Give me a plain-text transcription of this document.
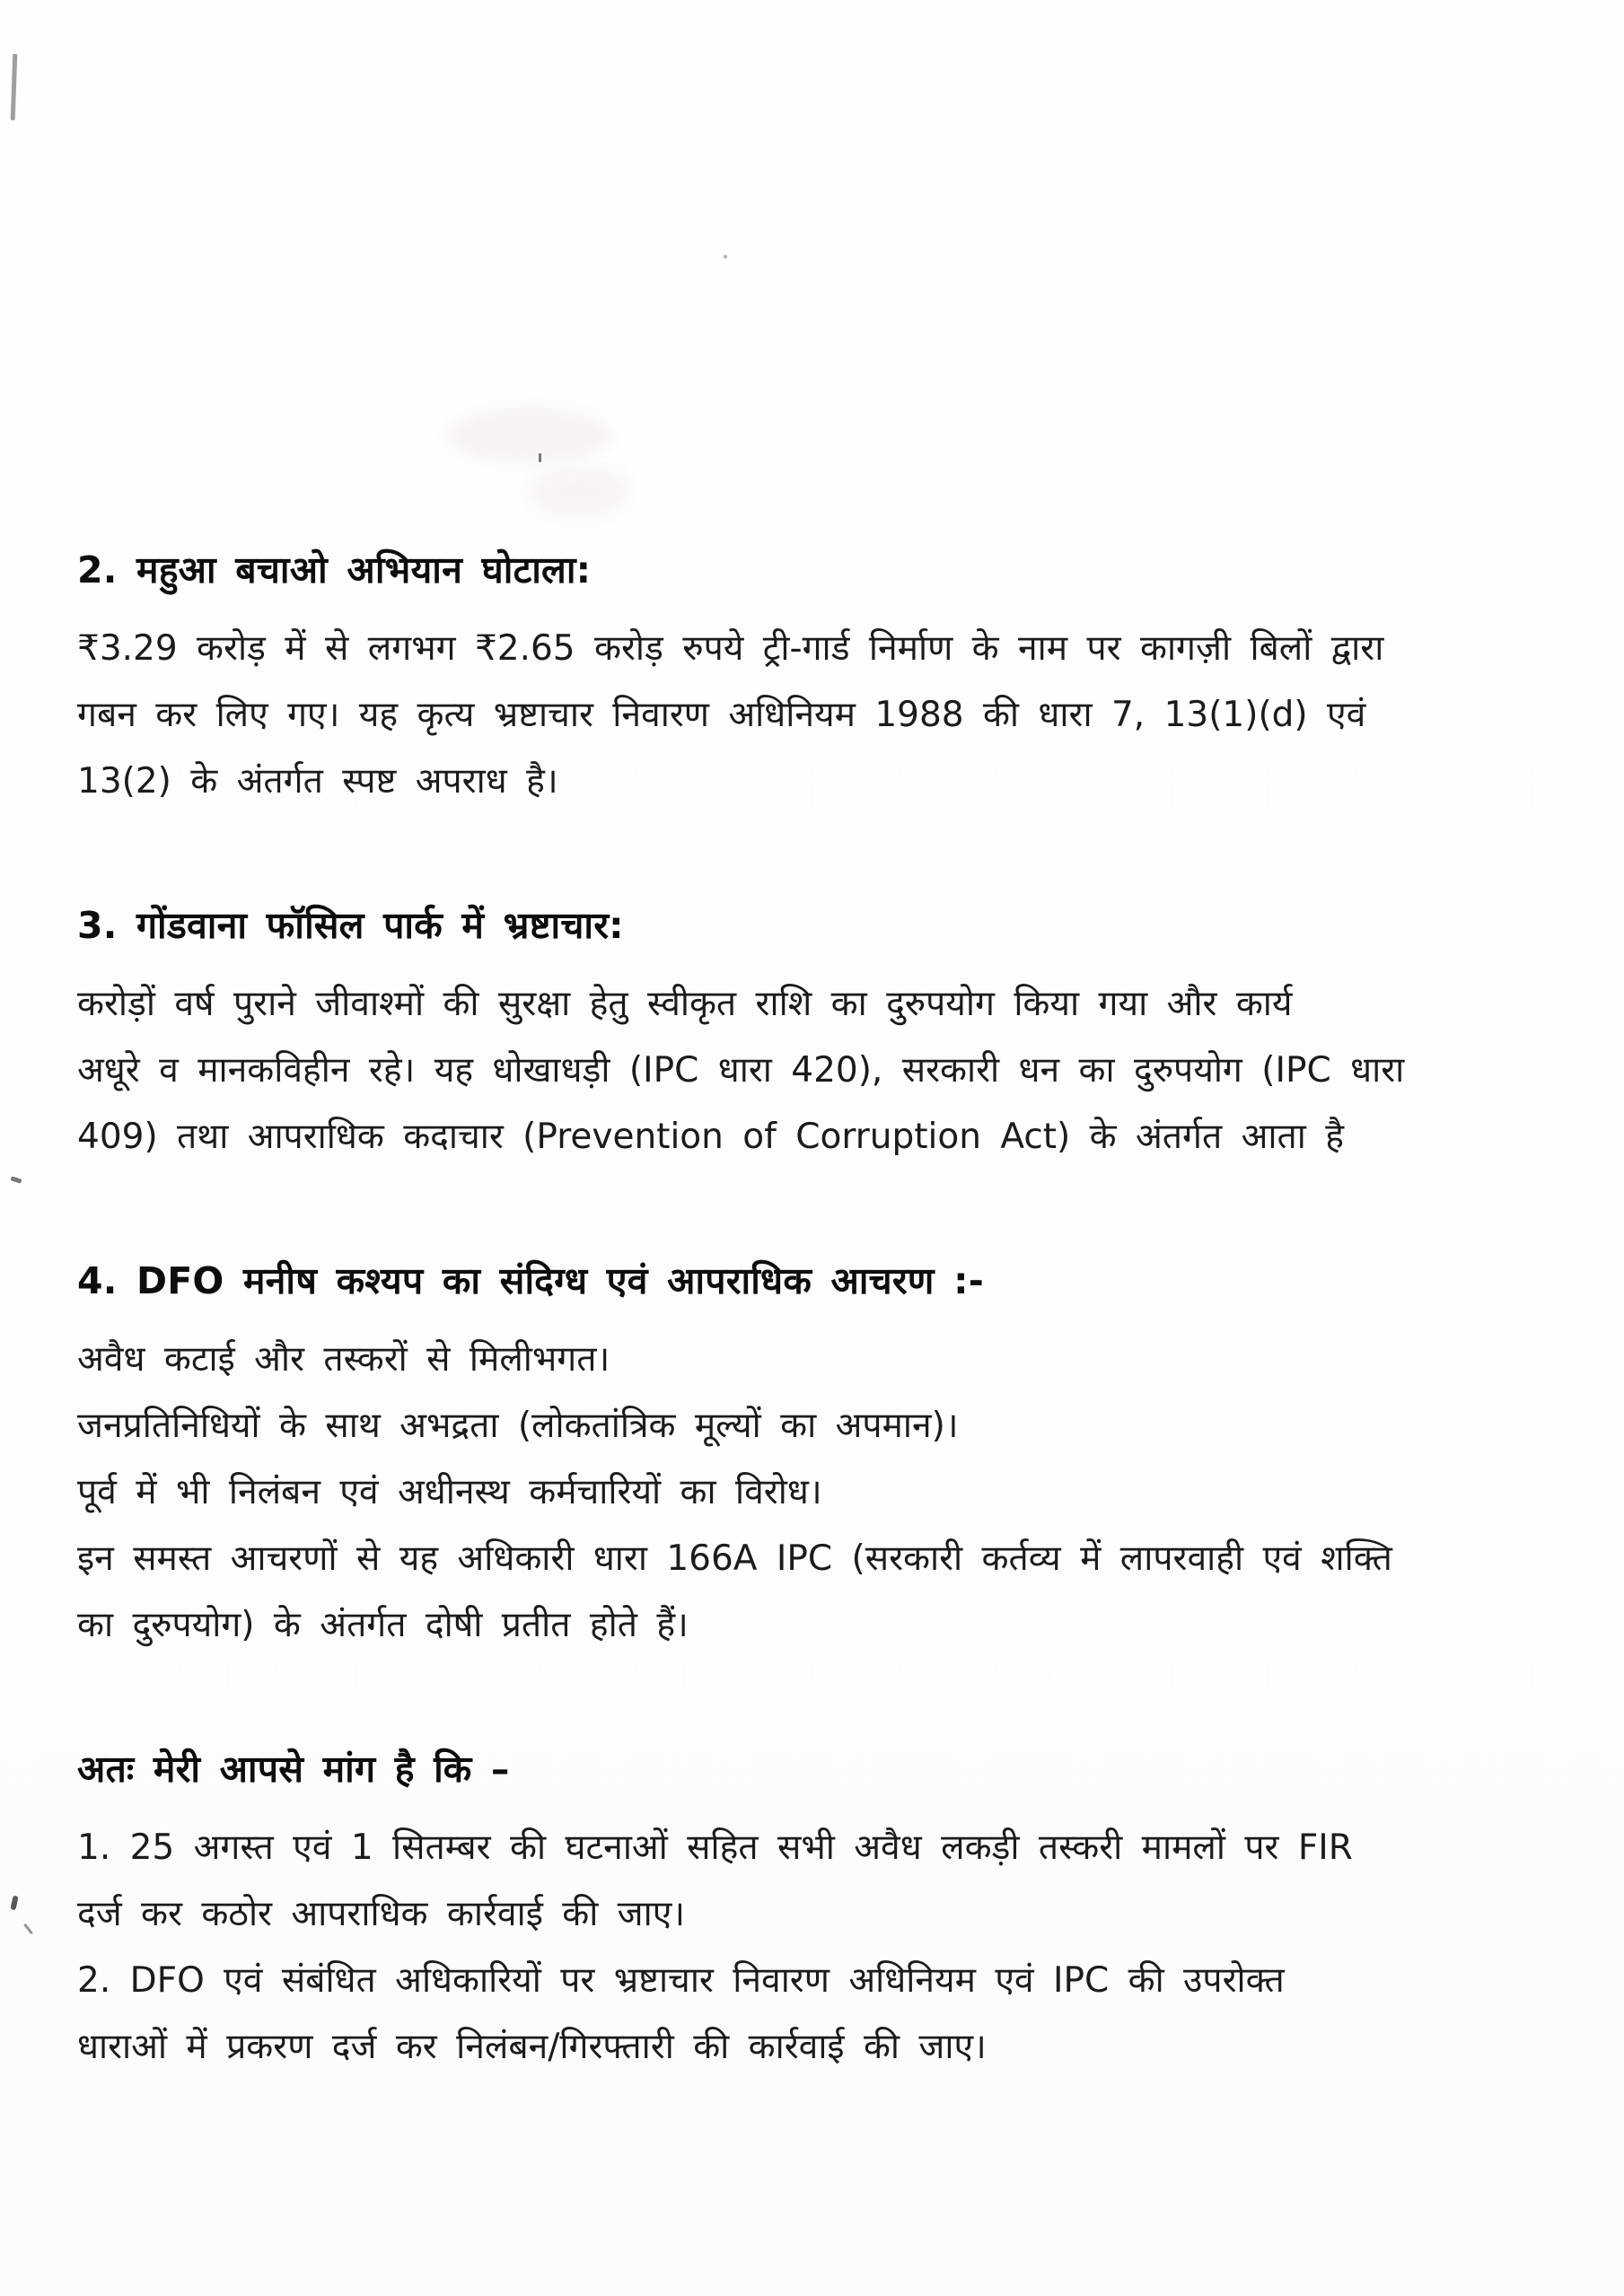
2. महुआ बचाओ अभियान घोटाला:
₹3.29 करोड़ में से लगभग ₹2.65 करोड़ रुपये ट्री-गार्ड निर्माण के नाम पर कागज़ी बिलों द्वारा
गबन कर लिए गए। यह कृत्य भ्रष्टाचार निवारण अधिनियम 1988 की धारा 7, 13(1)(d) एवं
13(2) के अंतर्गत स्पष्ट अपराध है।
3. गोंडवाना फॉसिल पार्क में भ्रष्टाचार:
करोड़ों वर्ष पुराने जीवाश्मों की सुरक्षा हेतु स्वीकृत राशि का दुरुपयोग किया गया और कार्य
अधूरे व मानकविहीन रहे। यह धोखाधड़ी (IPC धारा 420), सरकारी धन का दुरुपयोग (IPC धारा
409) तथा आपराधिक कदाचार (Prevention of Corruption Act) के अंतर्गत आता है
4. DFO मनीष कश्यप का संदिग्ध एवं आपराधिक आचरण :-
अवैध कटाई और तस्करों से मिलीभगत।
जनप्रतिनिधियों के साथ अभद्रता (लोकतांत्रिक मूल्यों का अपमान)।
पूर्व में भी निलंबन एवं अधीनस्थ कर्मचारियों का विरोध।
इन समस्त आचरणों से यह अधिकारी धारा 166A IPC (सरकारी कर्तव्य में लापरवाही एवं शक्ति
का दुरुपयोग) के अंतर्गत दोषी प्रतीत होते हैं।
अतः मेरी आपसे मांग है कि –
1. 25 अगस्त एवं 1 सितम्बर की घटनाओं सहित सभी अवैध लकड़ी तस्करी मामलों पर FIR
दर्ज कर कठोर आपराधिक कार्रवाई की जाए।
2. DFO एवं संबंधित अधिकारियों पर भ्रष्टाचार निवारण अधिनियम एवं IPC की उपरोक्त
धाराओं में प्रकरण दर्ज कर निलंबन/गिरफ्तारी की कार्रवाई की जाए।
